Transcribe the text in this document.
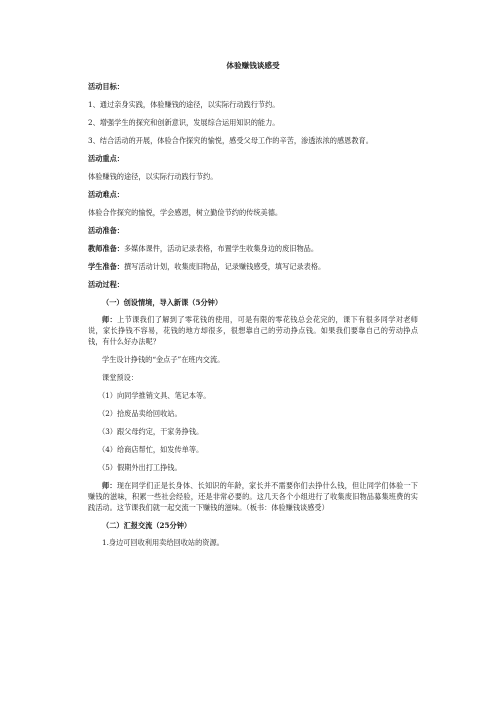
体验赚钱谈感受
活动目标：
1、通过亲身实践，体验赚钱的途径，以实际行动践行节约。
2、增强学生的探究和创新意识，发展综合运用知识的能力。
3、结合活动的开展，体验合作探究的愉悦，感受父母工作的辛苦，渗透浓浓的感恩教育。
活动重点：
体验赚钱的途径，以实际行动践行节约。
活动难点：
体验合作探究的愉悦，学会感恩，树立勤俭节约的传统美德。
活动准备：
教师准备：多媒体课件，活动记录表格，布置学生收集身边的废旧物品。
学生准备：撰写活动计划，收集废旧物品，记录赚钱感受，填写记录表格。
活动过程：
（一）创设情境，导入新课（5分钟）
师：上节课我们了解到了零花钱的使用，可是有限的零花钱总会花完的，课下有很多同学对老师说，家长挣钱不容易，花钱的地方却很多，很想靠自己的劳动挣点钱。如果我们要靠自己的劳动挣点钱，有什么好办法呢？
学生设计挣钱的“金点子”在班内交流。
课堂预设：
（1）向同学推销文具、笔记本等。
（2）拾废品卖给回收站。
（3）跟父母约定，干家务挣钱。
（4）给商店帮忙，如发传单等。
（5）假期外出打工挣钱。
师：现在同学们正是长身体、长知识的年龄，家长并不需要你们去挣什么钱，但让同学们体验一下赚钱的滋味，积累一些社会经验，还是非常必要的。这几天各个小组进行了收集废旧物品募集班费的实践活动。这节课我们就一起交流一下赚钱的滋味。（板书：体验赚钱谈感受）
（二）汇报交流（25分钟）
1.身边可回收利用卖给回收站的资源。
